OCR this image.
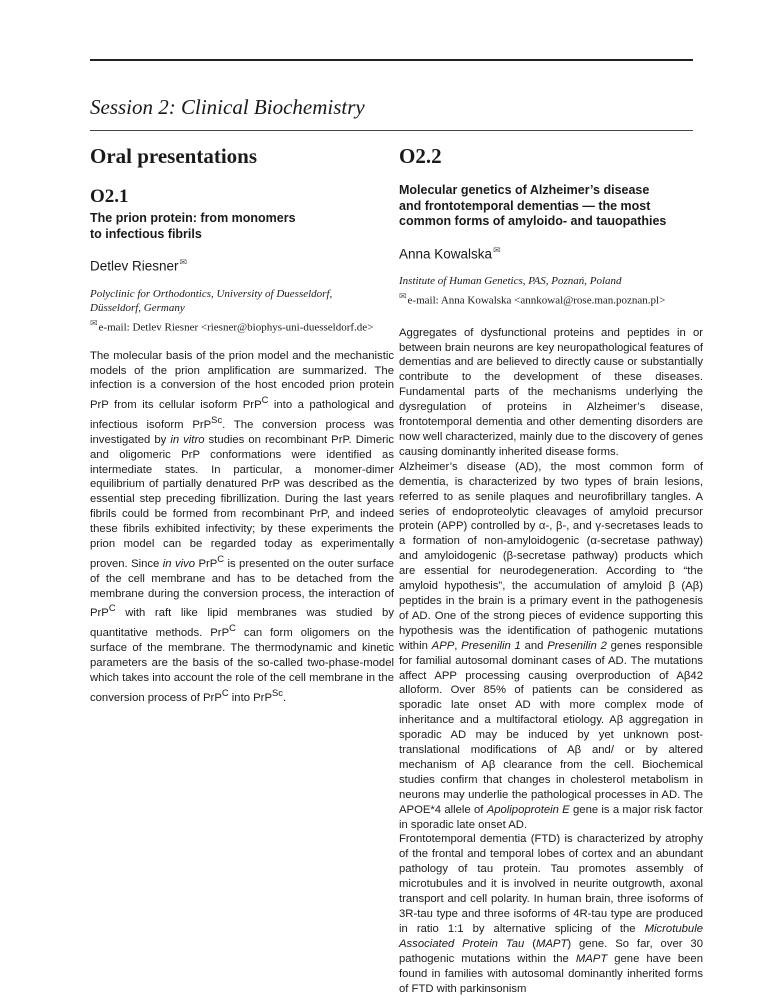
Session 2: Clinical Biochemistry
Oral presentations
O2.1
The prion protein: from monomers
to infectious fibrils
Detlev Riesner✉
Polyclinic for Orthodontics, University of Duesseldorf,
Düsseldorf, Germany
✉e-mail: Detlev Riesner <riesner@biophys-uni-duesseldorf.de>

The molecular basis of the prion model and the mechanistic models of the prion amplification are summarized. The infection is a conversion of the host encoded prion protein PrP from its cellular isoform PrP$^C$ into a pathological and infectious isoform PrP$^{Sc}$. The conversion process was investigated by in vitro studies on recombinant PrP. Dimeric and oligomeric PrP conformations were identified as intermediate states. In particular, a monomer-dimer equilibrium of partially denatured PrP was described as the essential step preceding fibrillization. During the last years fibrils could be formed from recombinant PrP, and indeed these fibrils exhibited infectivity; by these experiments the prion model can be regarded today as experimentally proven. Since in vivo PrP$^C$ is presented on the outer surface of the cell membrane and has to be detached from the membrane during the conversion process, the interaction of PrP$^C$ with raft like lipid membranes was studied by quantitative methods. PrP$^C$ can form oligomers on the surface of the membrane. The thermodynamic and kinetic parameters are the basis of the so-called two-phase-model which takes into account the role of the cell membrane in the conversion process of PrP$^C$ into PrP$^{Sc}$.

O2.2
Molecular genetics of Alzheimer’s disease
and frontotemporal dementias — the most
common forms of amyloido- and tauopathies
Anna Kowalska✉
Institute of Human Genetics, PAS, Poznań, Poland
✉e-mail: Anna Kowalska <annkowal@rose.man.poznan.pl>

Aggregates of dysfunctional proteins and peptides in or between brain neurons are key neuropathological features of dementias and are believed to directly cause or substantially contribute to the development of these diseases. Fundamental parts of the mechanisms underlying the dysregulation of proteins in Alzheimer’s disease, frontotemporal dementia and other dementing disorders are now well characterized, mainly due to the discovery of genes causing dominantly inherited disease forms.

Alzheimer’s disease (AD), the most common form of dementia, is characterized by two types of brain lesions, referred to as senile plaques and neurofibrillary tangles. A series of endoproteolytic cleavages of amyloid precursor protein (APP) controlled by α-, β-, and γ-secretases leads to a formation of non-amyloidogenic (α-secretase pathway) and amyloidogenic (β-secretase pathway) products which are essential for neurodegeneration. According to “the amyloid hypothesis”, the accumulation of amyloid β (Aβ) peptides in the brain is a primary event in the pathogenesis of AD. One of the strong pieces of evidence supporting this hypothesis was the identification of pathogenic mutations within APP, Presenilin 1 and Presenilin 2 genes responsible for familial autosomal dominant cases of AD. The mutations affect APP processing causing overproduction of Aβ42 alloform. Over 85% of patients can be considered as sporadic late onset AD with more complex mode of inheritance and a multifactoral etiology. Aβ aggregation in sporadic AD may be induced by yet unknown post-translational modifications of Aβ and/ or by altered mechanism of Aβ clearance from the cell. Biochemical studies confirm that changes in cholesterol metabolism in neurons may underlie the pathological processes in AD. The APOE*4 allele of Apolipoprotein E gene is a major risk factor in sporadic late onset AD.

Frontotemporal dementia (FTD) is characterized by atrophy of the frontal and temporal lobes of cortex and an abundant pathology of tau protein. Tau promotes assembly of microtubules and it is involved in neurite outgrowth, axonal transport and cell polarity. In human brain, three isoforms of 3R-tau type and three isoforms of 4R-tau type are produced in ratio 1:1 by alternative splicing of the Microtubule Associated Protein Tau (MAPT) gene. So far, over 30 pathogenic mutations within the MAPT gene have been found in families with autosomal dominantly inherited forms of FTD with parkinsonism
